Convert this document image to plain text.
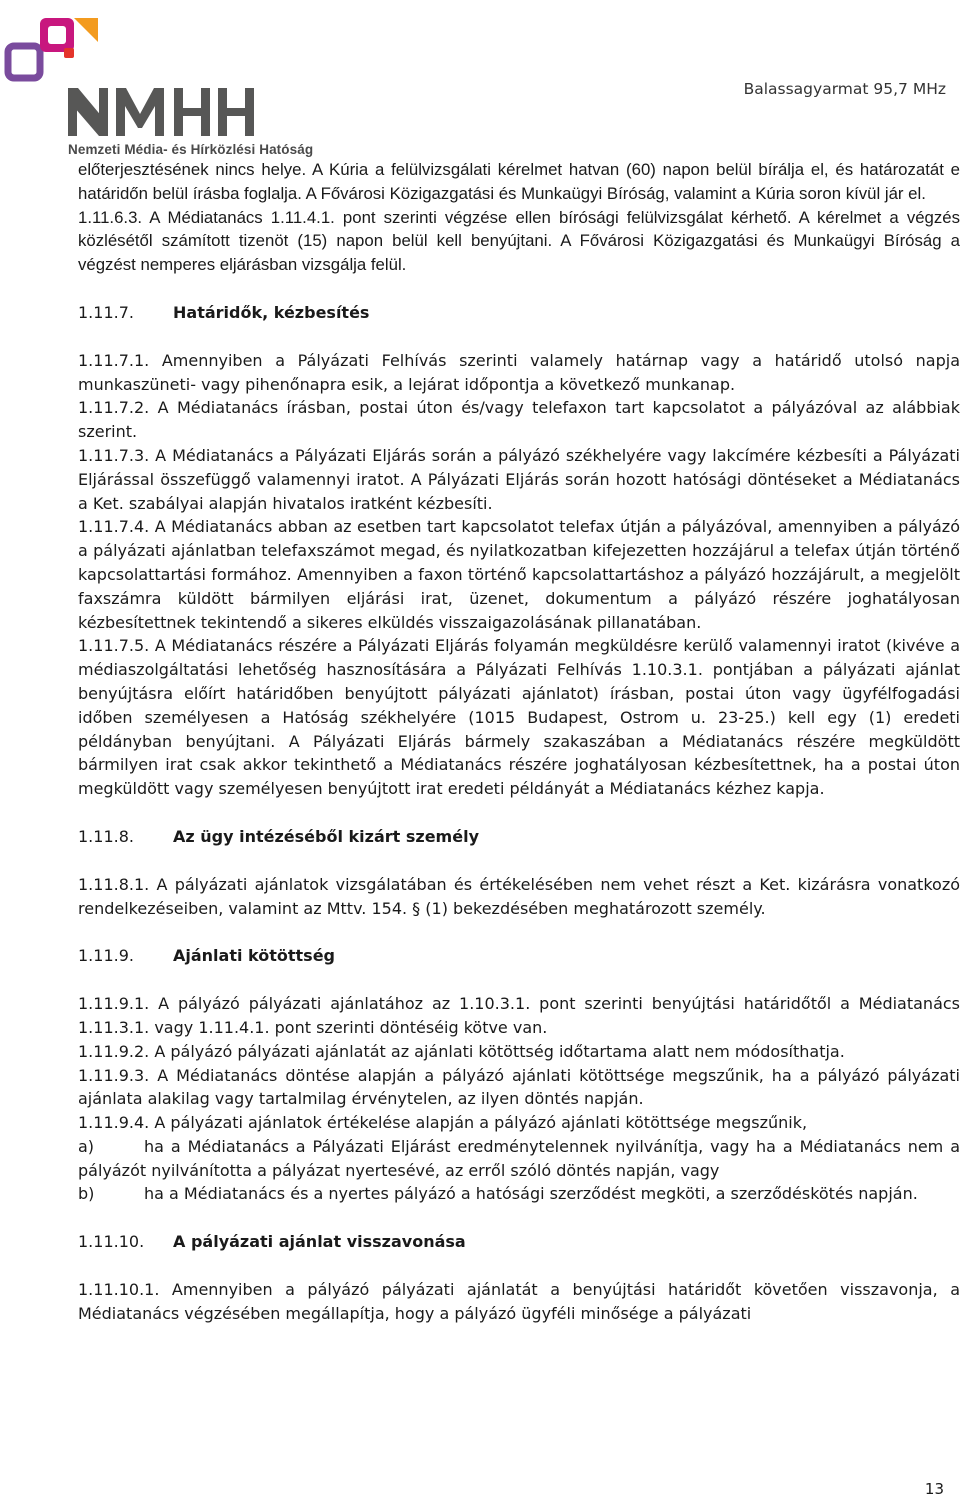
Nemzeti Média- és Hírközlési Hatóság
Balassagyarmat 95,7 MHz

előterjesztésének nincs helye. A Kúria a felülvizsgálati kérelmet hatvan (60) napon belül bírálja el, és határozatát e határidőn belül írásba foglalja. A Fővárosi Közigazgatási és Munkaügyi Bíróság, valamint a Kúria soron kívül jár el.

1.11.6.3. A Médiatanács 1.11.4.1. pont szerinti végzése ellen bírósági felülvizsgálat kérhető. A kérelmet a végzés közlésétől számított tizenöt (15) napon belül kell benyújtani. A Fővárosi Közigazgatási és Munkaügyi Bíróság a végzést nemperes eljárásban vizsgálja felül.

1.11.7. Határidők, kézbesítés

1.11.7.1. Amennyiben a Pályázati Felhívás szerinti valamely határnap vagy a határidő utolsó napja munkaszüneti- vagy pihenőnapra esik, a lejárat időpontja a következő munkanap.

1.11.7.2. A Médiatanács írásban, postai úton és/vagy telefaxon tart kapcsolatot a pályázóval az alábbiak szerint.

1.11.7.3. A Médiatanács a Pályázati Eljárás során a pályázó székhelyére vagy lakcímére kézbesíti a Pályázati Eljárással összefüggő valamennyi iratot. A Pályázati Eljárás során hozott hatósági döntéseket a Médiatanács a Ket. szabályai alapján hivatalos iratként kézbesíti.

1.11.7.4. A Médiatanács abban az esetben tart kapcsolatot telefax útján a pályázóval, amennyiben a pályázó a pályázati ajánlatban telefaxszámot megad, és nyilatkozatban kifejezetten hozzájárul a telefax útján történő kapcsolattartási formához. Amennyiben a faxon történő kapcsolattartáshoz a pályázó hozzájárult, a megjelölt faxszámra küldött bármilyen eljárási irat, üzenet, dokumentum a pályázó részére joghatályosan kézbesítettnek tekintendő a sikeres elküldés visszaigazolásának pillanatában.

1.11.7.5. A Médiatanács részére a Pályázati Eljárás folyamán megküldésre kerülő valamennyi iratot (kivéve a médiaszolgáltatási lehetőség hasznosítására a Pályázati Felhívás 1.10.3.1. pontjában a pályázati ajánlat benyújtásra előírt határidőben benyújtott pályázati ajánlatot) írásban, postai úton vagy ügyfélfogadási időben személyesen a Hatóság székhelyére (1015 Budapest, Ostrom u. 23-25.) kell egy (1) eredeti példányban benyújtani. A Pályázati Eljárás bármely szakaszában a Médiatanács részére megküldött bármilyen irat csak akkor tekinthető a Médiatanács részére joghatályosan kézbesítettnek, ha a postai úton megküldött vagy személyesen benyújtott irat eredeti példányát a Médiatanács kézhez kapja.

1.11.8. Az ügy intézéséből kizárt személy

1.11.8.1. A pályázati ajánlatok vizsgálatában és értékelésében nem vehet részt a Ket. kizárásra vonatkozó rendelkezéseiben, valamint az Mttv. 154. § (1) bekezdésében meghatározott személy.

1.11.9. Ajánlati kötöttség

1.11.9.1. A pályázó pályázati ajánlatához az 1.10.3.1. pont szerinti benyújtási határidőtől a Médiatanács 1.11.3.1. vagy 1.11.4.1. pont szerinti döntéséig kötve van.

1.11.9.2. A pályázó pályázati ajánlatát az ajánlati kötöttség időtartama alatt nem módosíthatja.

1.11.9.3. A Médiatanács döntése alapján a pályázó ajánlati kötöttsége megszűnik, ha a pályázó pályázati ajánlata alakilag vagy tartalmilag érvénytelen, az ilyen döntés napján.

1.11.9.4. A pályázati ajánlatok értékelése alapján a pályázó ajánlati kötöttsége megszűnik,

a)	ha a Médiatanács a Pályázati Eljárást eredménytelennek nyilvánítja, vagy ha a Médiatanács nem a pályázót nyilvánította a pályázat nyertesévé, az erről szóló döntés napján, vagy

b)	ha a Médiatanács és a nyertes pályázó a hatósági szerződést megköti, a szerződéskötés napján.

1.11.10. A pályázati ajánlat visszavonása

1.11.10.1. Amennyiben a pályázó pályázati ajánlatát a benyújtási határidőt követően visszavonja, a Médiatanács végzésében megállapítja, hogy a pályázó ügyféli minősége a pályázati

13
